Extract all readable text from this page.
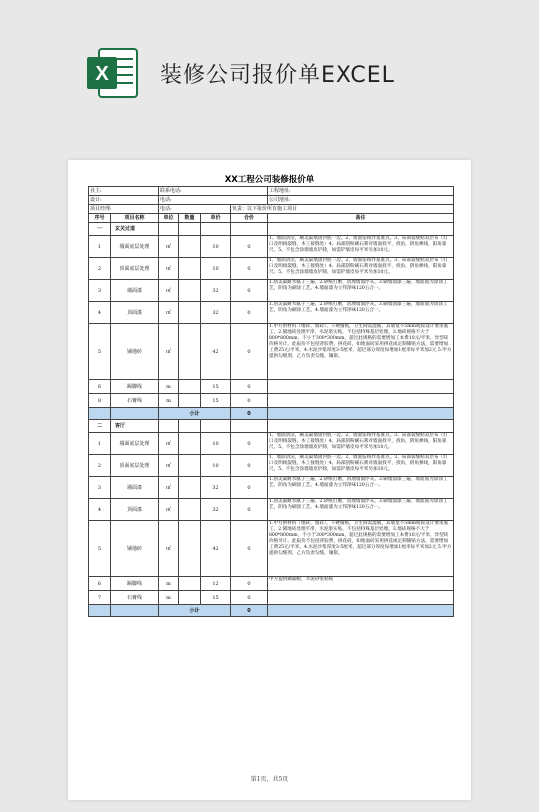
X 装修公司报价单EXCEL
XX工程公司装修报价单
业主:		联系电话:				工程地址:
设计:		电话:				公司地址:
项目经理:		电话:			负责：以下报价所有施工项目	
序号	项目名称	单位	数量	单价	合价	备注
一	玄关过道					
1	墙面底层处理	㎡		10	0	1、墙面清洁，刷美巢墙固封底一边。2、墙面弦线作基准点。3、局部裂缝贴双层布（灯口及明线裂缝，木工接缝处）4、局部刮粉刷石膏对墙面找平，找角，阴角弹线，阳角靠尺。5、不包含涂墙墙皮铲除，如需铲墙皮每平米另加10元。
2	顶面底层处理	㎡		10	0	1、墙面清洁，刷美巢墙固封底一边。2、墙面弦线作基准点。3、局部裂缝贴双层布（灯口及明线裂缝，木工接缝处）4、局部刮粉刷石膏对墙面找平，找角，阴角弹线，阳角靠尺。5、不包含涂墙墙皮铲除，如需铲墙皮每平米另加10元。
3	墙面漆	㎡		32	0	1.刮美巢耐水腻子三遍，2.砂纸打磨，清理墙面浮灰。3.刷墙面漆三遍，墙面面为涂涂工艺，阴角为刷涂工艺。4.墙面漆为立邦净味120五合一。
4	顶面漆	㎡		32	0	1.刮美巢耐水腻子三遍，2.砂纸打磨，清理墙面浮灰。3.刷墙面漆三遍，墙面面为涂涂工艺，阴角为刷涂工艺。4.墙面漆为立邦净味120五合一。
5	铺地砖	㎡		42	0	1.甲方供材料（地砖、墙砖）、干硬铺贴，卫生间需湿铺，其墙宽不5mm或按设计要求施工。2.铺地砖处理平净，水泥浆实贴，不包括特殊基层处理。3.地砖规格不大于800*800mm，不小于300*300mm，超过此规格的需要增加工本费10元/平米，异型砖价格另计。此报价不包括背胶费，拼花砖，如地面砖采用拼花或定制铺贴方法，需要增加工费25元/平米。4.水泥沙浆厚度3-5厘米，超过部分厚度每增加1厘米每平米加2元 5.甲方提供勾缝剂，乙方负责勾缝，镶嵌。
6	踢脚线	m		15	0	
8	石膏线	m		15	0	
		小计			0	
二	客厅					
1	墙面底层处理	㎡		10	0	1、墙面清洁，刷美巢墙固封底一边。2、墙面弦线作基准点。3、局部裂缝贴双层布（灯口及明线裂缝，木工接缝处）4、局部刮粉刷石膏对墙面找平，找角，阴角弹线，阳角靠尺。5、不包含涂墙墙皮铲除，如需铲墙皮每平米另加10元。
2	顶面底层处理	㎡		10	0	1、墙面清洁，刷美巢墙固封底一边。2、墙面弦线作基准点。3、局部裂缝贴双层布（灯口及明线裂缝，木工接缝处）4、局部刮粉刷石膏对墙面找平，找角，阴角弹线，阳角靠尺。5、不包含涂墙墙皮铲除，如需铲墙皮每平米另加10元。
3	墙面漆	㎡		32	0	1.刮美巢耐水腻子三遍，2.砂纸打磨，清理墙面浮灰。3.刷墙面漆三遍，墙面面为涂涂工艺，阴角为刷涂工艺。4.墙面漆为立邦净味120五合一。
4	顶面漆	㎡		32	0	1.刮美巢耐水腻子三遍，2.砂纸打磨，清理墙面浮灰。3.刷墙面漆三遍，墙面面为涂涂工艺，阴角为刷涂工艺。4.墙面漆为立邦净味120五合一。
5	铺地砖	㎡		42	0	1.甲方供材料（地砖、墙砖）、干硬铺贴，卫生间需湿铺，其墙宽不5mm或按设计要求施工。2.铺地砖处理平净，水泥浆实贴，不包括特殊基层处理。3.地砖规格不大于800*800mm，不小于300*300mm，超过此规格的需要增加工本费10元/平米，异型砖价格另计。此报价不包括背胶费，拼花砖，如地面砖采用拼花或定制铺贴方法，需要增加工费25元/平米。4.水泥沙浆厚度3-5厘米，超过部分厚度每增加1厘米每平米加2元 5.甲方提供勾缝剂，乙方负责勾缝，镶嵌。
6	踢脚线	m		12	0	甲方提供踢脚板，水泥砂浆粘贴
7	石膏线	m		15	0	
		小计			0	
第1页，共5页
